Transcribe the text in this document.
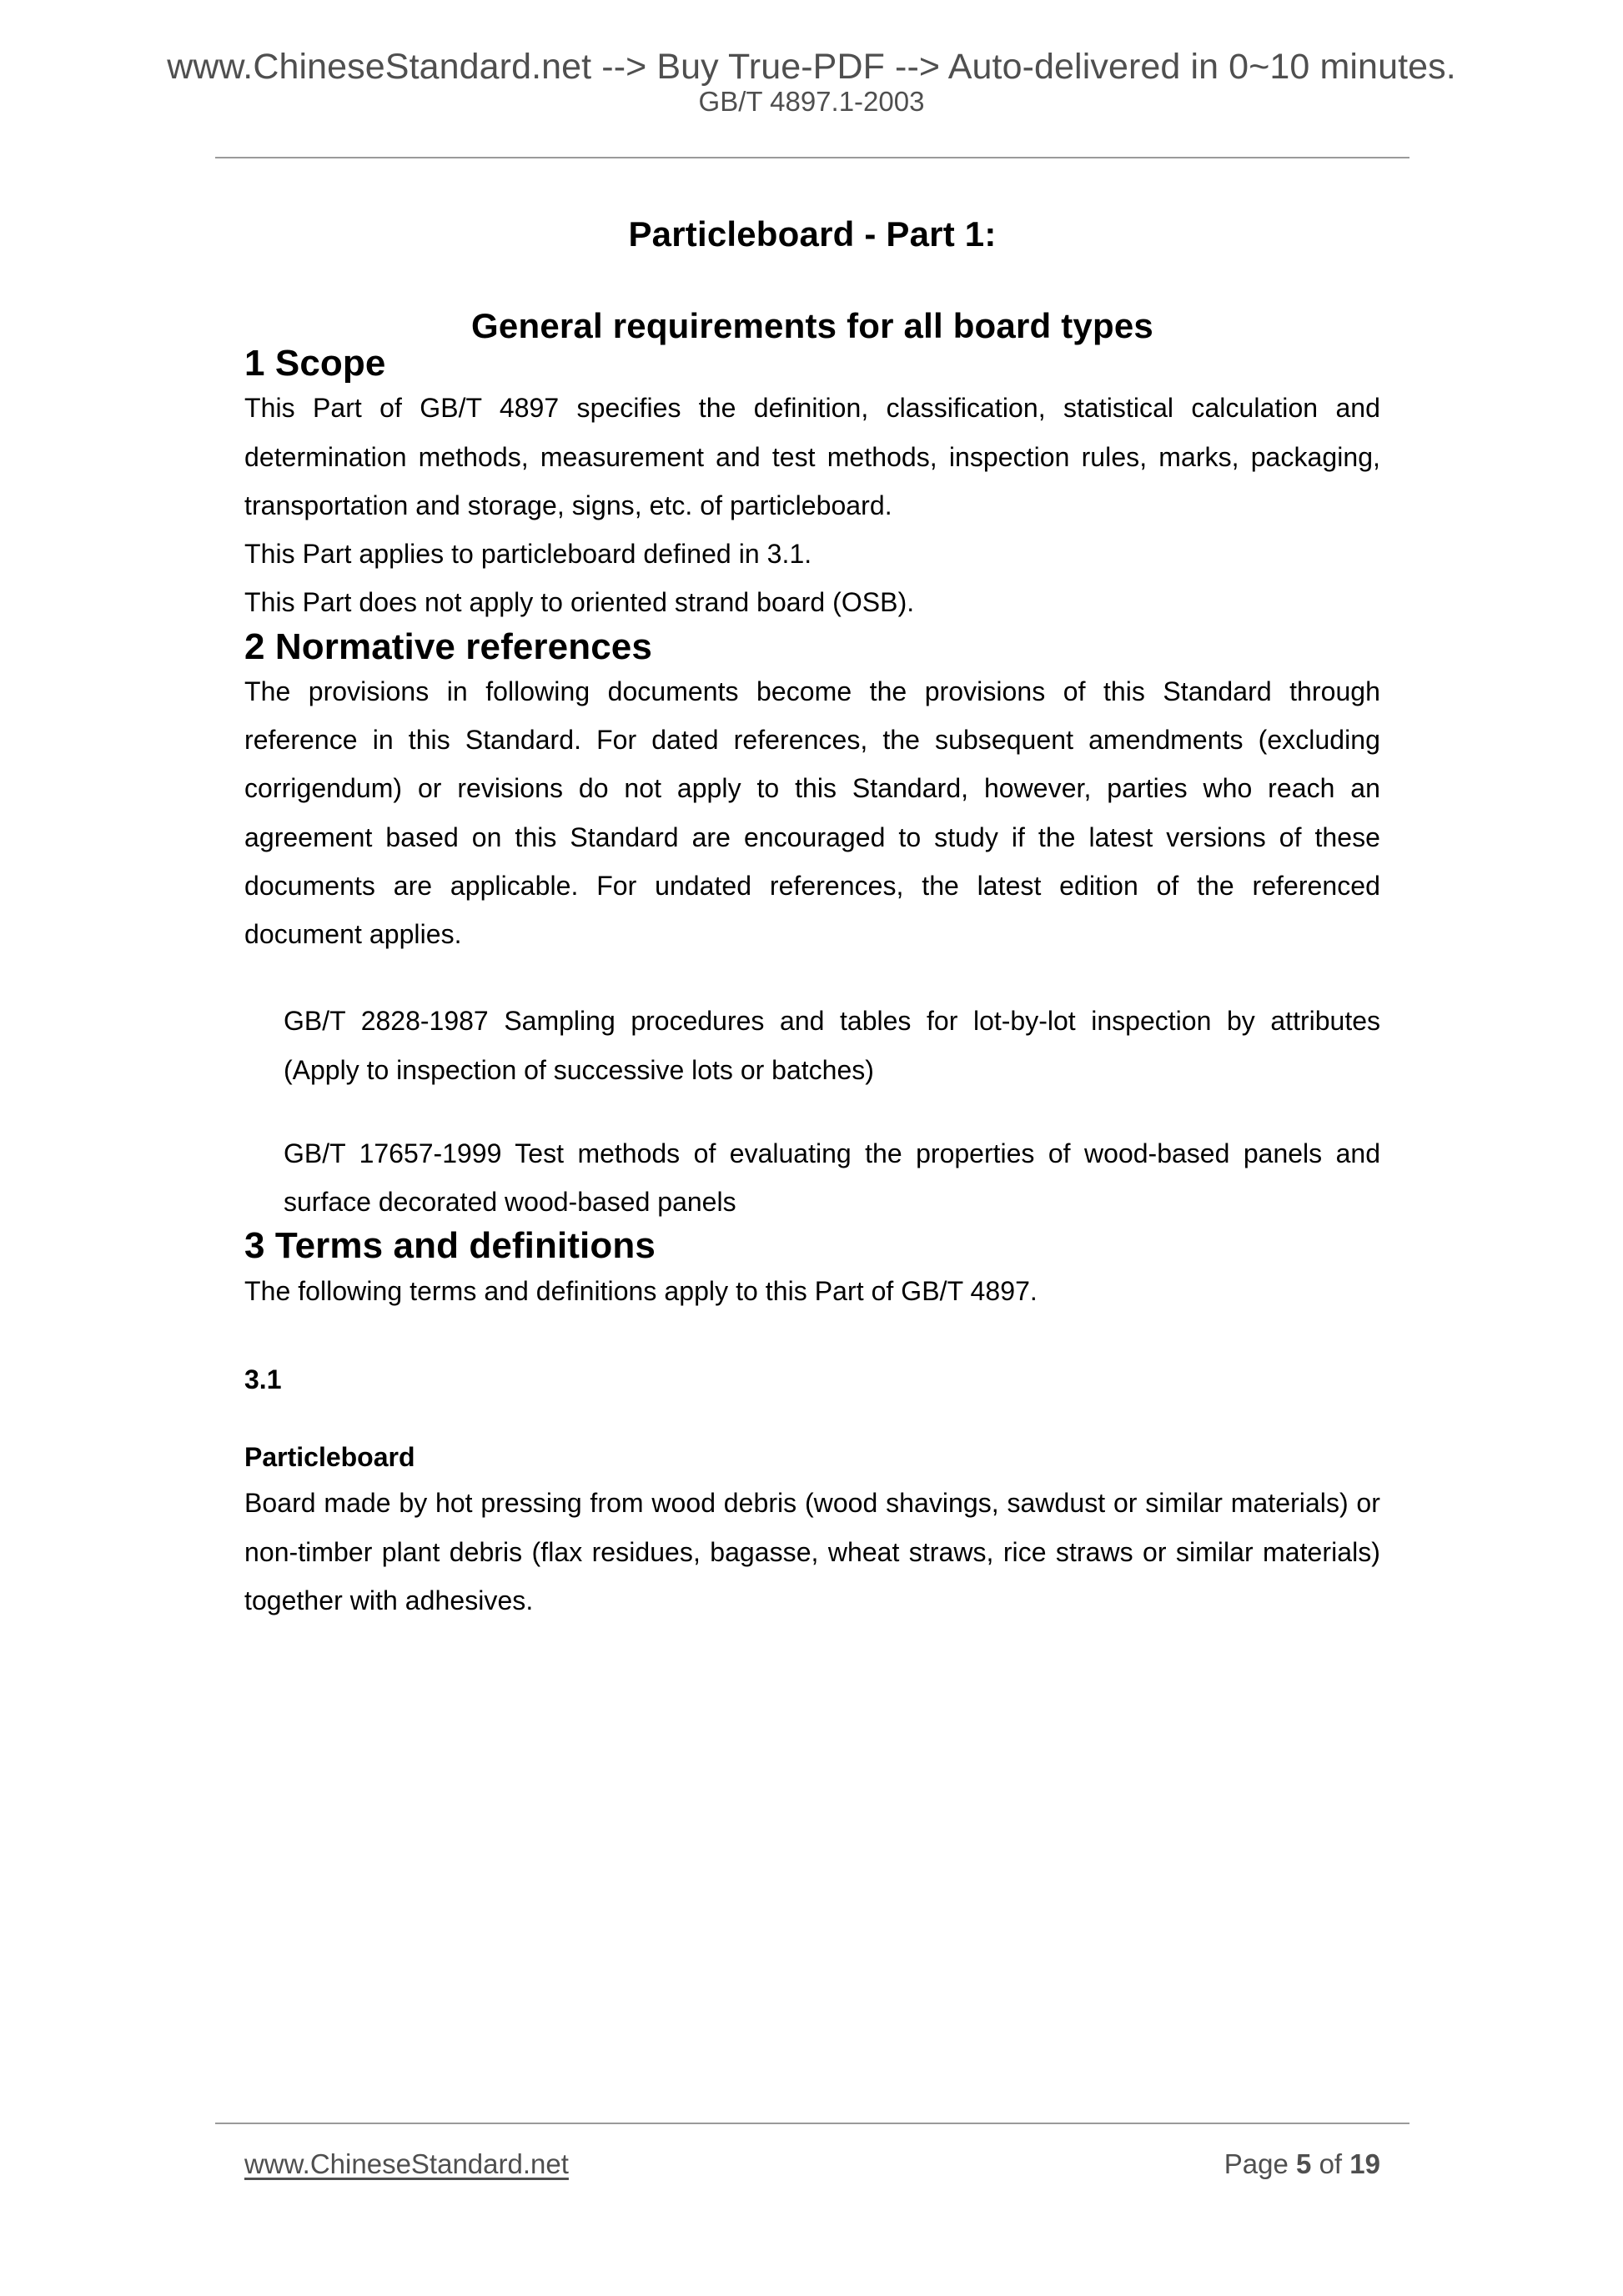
www.ChineseStandard.net --> Buy True-PDF --> Auto-delivered in 0~10 minutes.
GB/T 4897.1-2003
Particleboard - Part 1:
General requirements for all board types
1 Scope

This Part of GB/T 4897 specifies the definition, classification, statistical calculation and determination methods, measurement and test methods, inspection rules, marks, packaging, transportation and storage, signs, etc. of particleboard.

This Part applies to particleboard defined in 3.1.

This Part does not apply to oriented strand board (OSB).

2 Normative references

The provisions in following documents become the provisions of this Standard through reference in this Standard. For dated references, the subsequent amendments (excluding corrigendum) or revisions do not apply to this Standard, however, parties who reach an agreement based on this Standard are encouraged to study if the latest versions of these documents are applicable. For undated references, the latest edition of the referenced document applies.

GB/T 2828-1987 Sampling procedures and tables for lot-by-lot inspection by attributes (Apply to inspection of successive lots or batches)

GB/T 17657-1999 Test methods of evaluating the properties of wood-based panels and surface decorated wood-based panels

3 Terms and definitions

The following terms and definitions apply to this Part of GB/T 4897.

3.1

Particleboard

Board made by hot pressing from wood debris (wood shavings, sawdust or similar materials) or non-timber plant debris (flax residues, bagasse, wheat straws, rice straws or similar materials) together with adhesives.

www.ChineseStandard.net	Page 5 of 19
